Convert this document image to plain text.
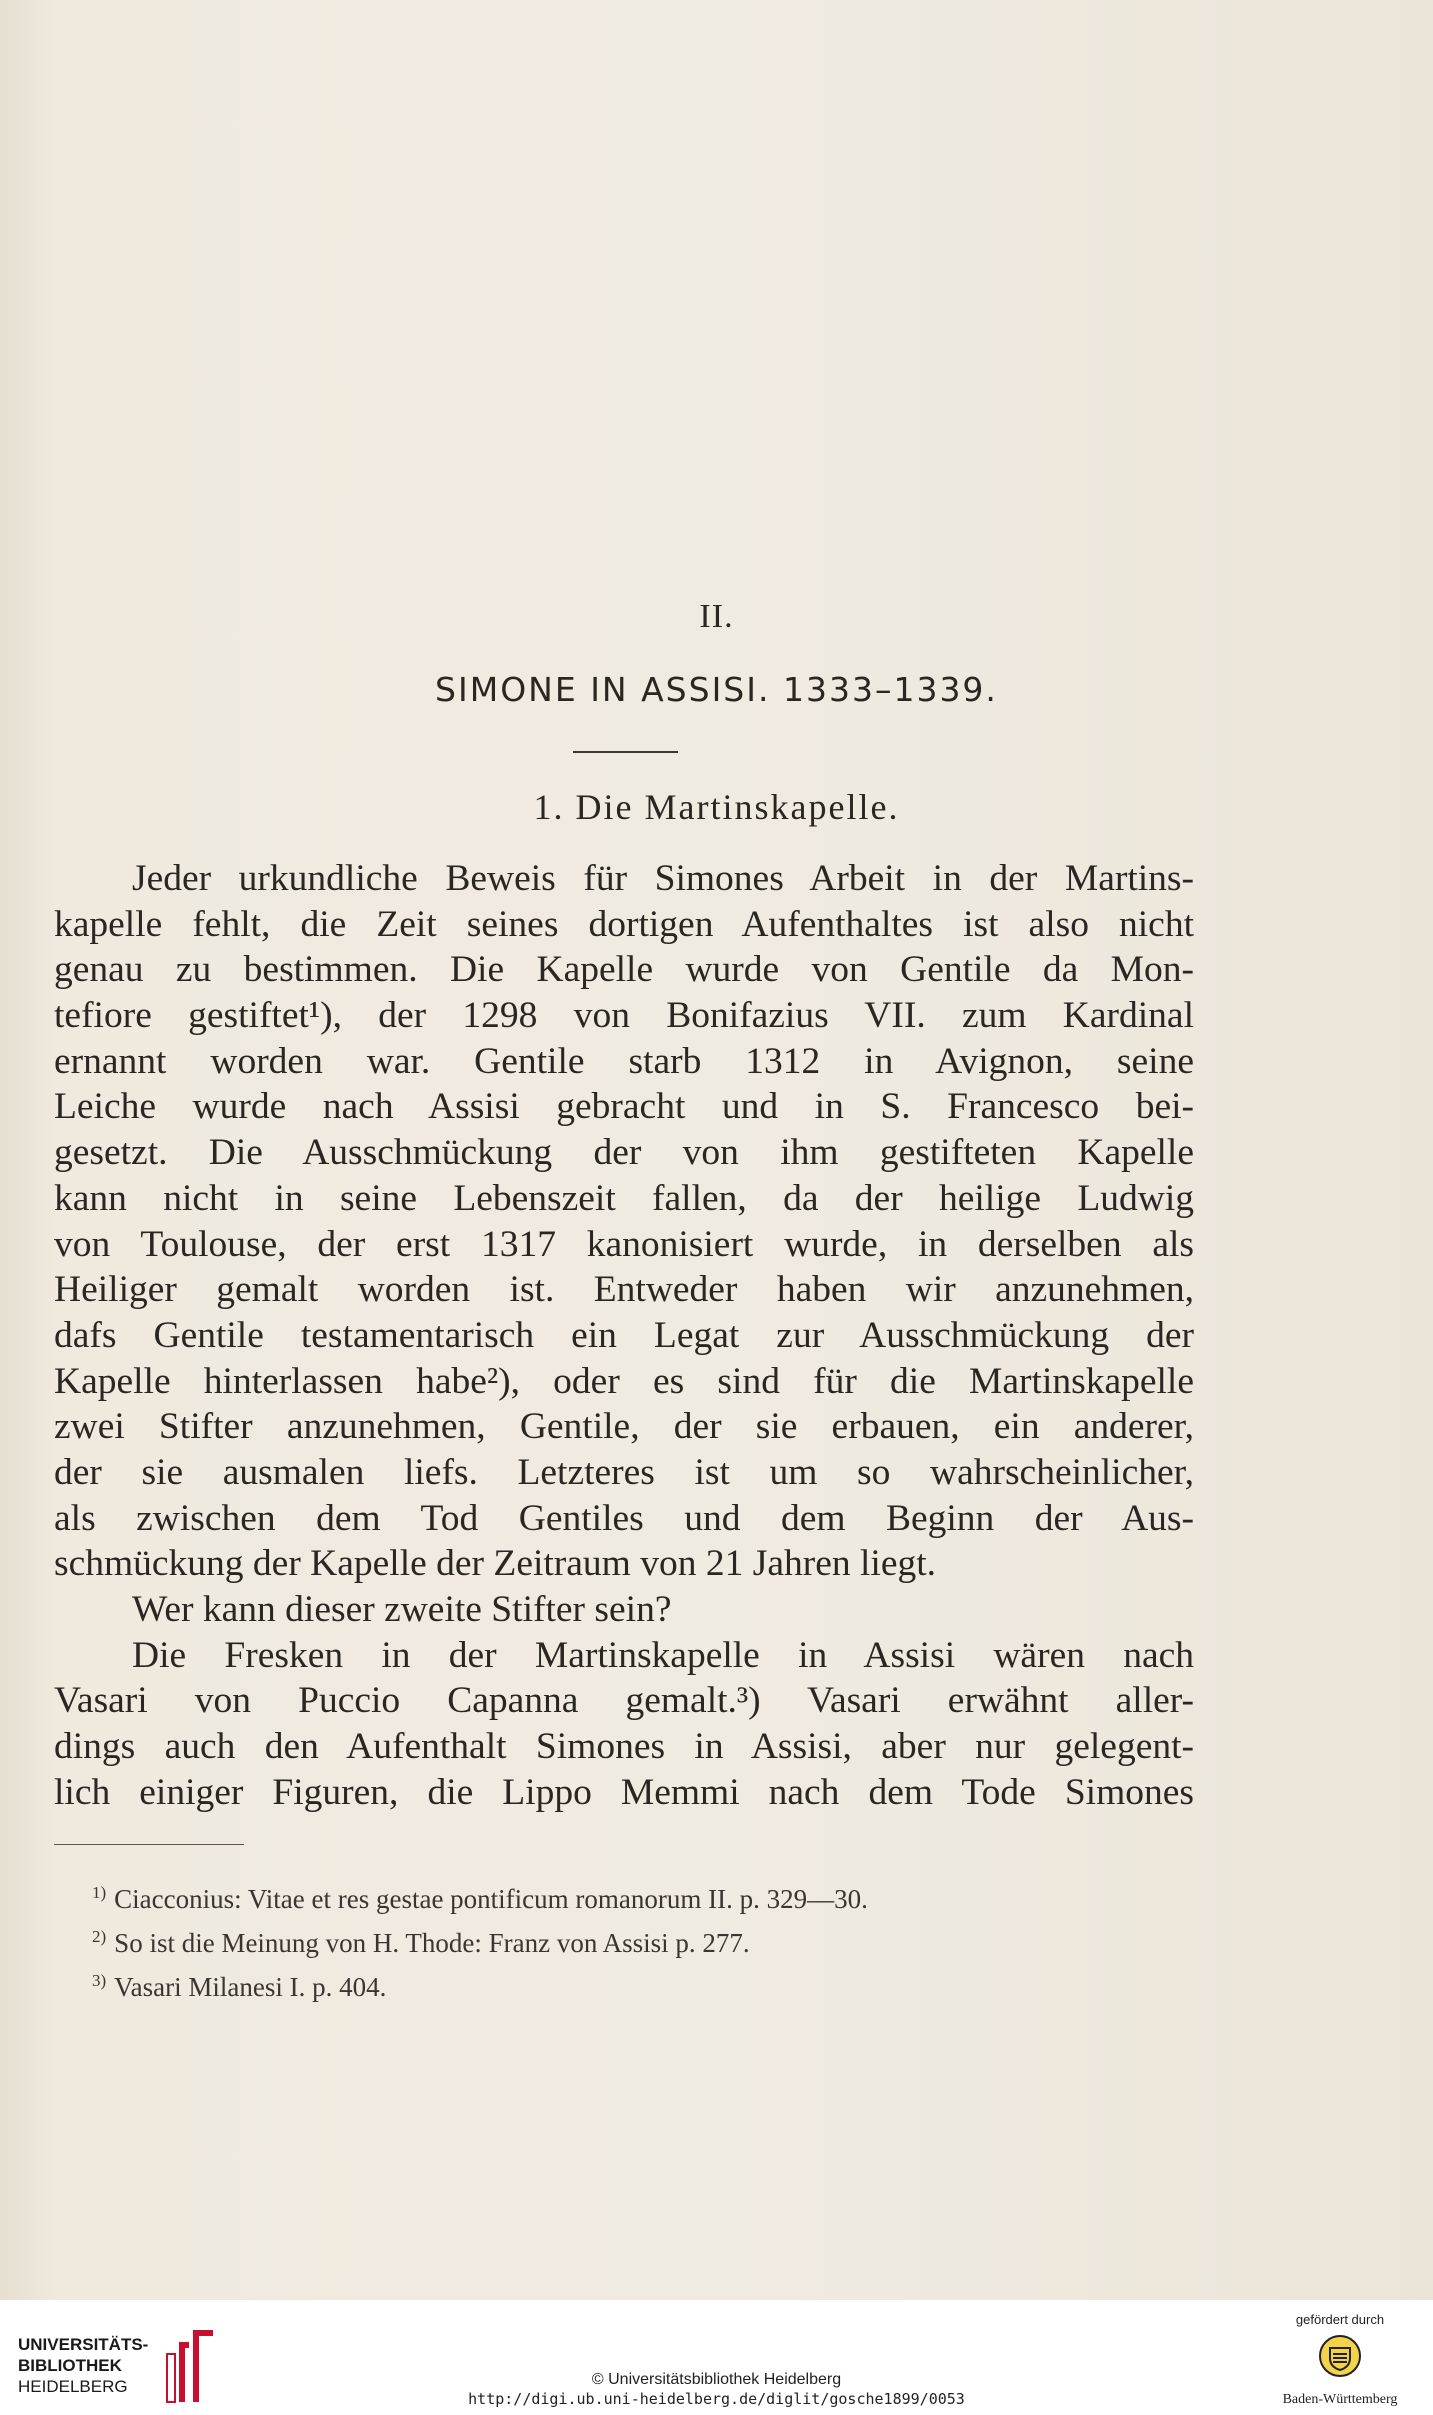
II.
SIMONE IN ASSISI. 1333–1339.
1. Die Martinskapelle.
Jeder urkundliche Beweis für Simones Arbeit in der Martins-
kapelle fehlt, die Zeit seines dortigen Aufenthaltes ist also nicht
genau zu bestimmen. Die Kapelle wurde von Gentile da Mon-
tefiore gestiftet¹), der 1298 von Bonifazius VII. zum Kardinal
ernannt worden war. Gentile starb 1312 in Avignon, seine
Leiche wurde nach Assisi gebracht und in S. Francesco bei-
gesetzt. Die Ausschmückung der von ihm gestifteten Kapelle
kann nicht in seine Lebenszeit fallen, da der heilige Ludwig
von Toulouse, der erst 1317 kanonisiert wurde, in derselben als
Heiliger gemalt worden ist. Entweder haben wir anzunehmen,
dafs Gentile testamentarisch ein Legat zur Ausschmückung der
Kapelle hinterlassen habe²), oder es sind für die Martinskapelle
zwei Stifter anzunehmen, Gentile, der sie erbauen, ein anderer,
der sie ausmalen liefs. Letzteres ist um so wahrscheinlicher,
als zwischen dem Tod Gentiles und dem Beginn der Aus-
schmückung der Kapelle der Zeitraum von 21 Jahren liegt.
Wer kann dieser zweite Stifter sein?
Die Fresken in der Martinskapelle in Assisi wären nach
Vasari von Puccio Capanna gemalt.³) Vasari erwähnt aller-
dings auch den Aufenthalt Simones in Assisi, aber nur gelegent-
lich einiger Figuren, die Lippo Memmi nach dem Tode Simones
$^{1)}$ Ciacconius: Vitae et res gestae pontificum romanorum II. p. 329—30.
$^{2)}$ So ist die Meinung von H. Thode: Franz von Assisi p. 277.
$^{3)}$ Vasari Milanesi I. p. 404.
UNIVERSITÄTS-
BIBLIOTHEK
HEIDELBERG	© Universitätsbibliothek Heidelberg
http://digi.ub.uni-heidelberg.de/diglit/gosche1899/0053
gefördert durch
Baden-Württemberg
